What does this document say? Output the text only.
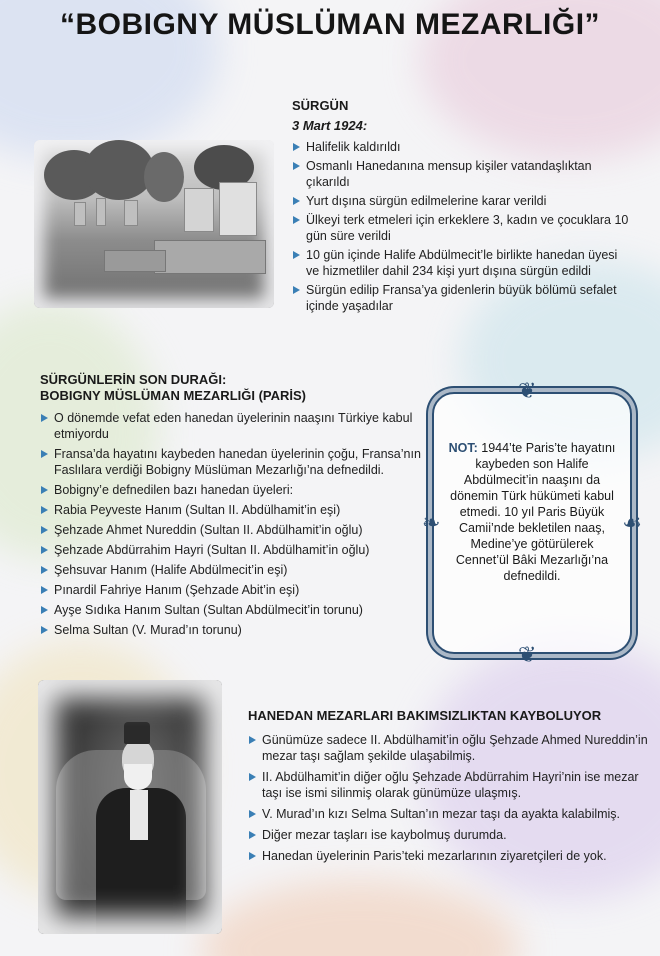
“BOBIGNY MÜSLÜMAN MEZARLIĞI”
SÜRGÜN
3 Mart 1924:
Halifelik kaldırıldı
Osmanlı Hanedanına mensup kişiler vatandaşlıktan çıkarıldı
Yurt dışına sürgün edilmelerine karar verildi
Ülkeyi terk etmeleri için erkeklere 3, kadın ve çocuklara 10 gün süre verildi
10 gün içinde Halife Abdülmecit’le birlikte hanedan üyesi ve hizmetliler dahil 234 kişi yurt dışına sürgün edildi
Sürgün edilip Fransa’ya gidenlerin büyük bölümü sefalet içinde yaşadılar
SÜRGÜNLERİN SON DURAĞI:
BOBIGNY MÜSLÜMAN MEZARLIĞI (PARİS)
O dönemde vefat eden hanedan üyelerinin naaşını Türkiye kabul etmiyordu
Fransa’da hayatını kaybeden hanedan üyelerinin çoğu, Fransa’nın Faslılara verdiği Bobigny Müslüman Mezarlığı’na defnedildi.
Bobigny’e defnedilen bazı hanedan üyeleri:
Rabia Peyveste Hanım (Sultan II. Abdülhamit’in eşi)
Şehzade Ahmet Nureddin (Sultan II. Abdülhamit’in oğlu)
Şehzade Abdürrahim Hayri (Sultan II. Abdülhamit’in oğlu)
Şehsuvar Hanım (Halife Abdülmecit’in eşi)
Pınardil Fahriye Hanım (Şehzade Abit’in eşi)
Ayşe Sıdıka Hanım Sultan (Sultan Abdülmecit’in torunu)
Selma Sultan (V. Murad’ın torunu)
❦
❦
❧	☙
NOT: 1944’te Paris’te hayatını kaybeden son Halife Abdülmecit’in naaşını da dönemin Türk hükümeti kabul etmedi. 10 yıl Paris Büyük Camii’nde bekletilen naaş, Medine’ye götürülerek Cennet’ül Bâki Mezarlığı’na defnedildi.
HANEDAN MEZARLARI BAKIMSIZLIKTAN KAYBOLUYOR
Günümüze sadece II. Abdülhamit’in oğlu Şehzade Ahmed Nureddin’in mezar taşı sağlam şekilde ulaşabilmiş.
II. Abdülhamit’in diğer oğlu Şehzade Abdürrahim Hayri’nin ise mezar taşı ise ismi silinmiş olarak günümüze ulaşmış.
V. Murad’ın kızı Selma Sultan’ın mezar taşı da ayakta kalabilmiş.
Diğer mezar taşları ise kaybolmuş durumda.
Hanedan üyelerinin Paris’teki mezarlarının ziyaretçileri de yok.
